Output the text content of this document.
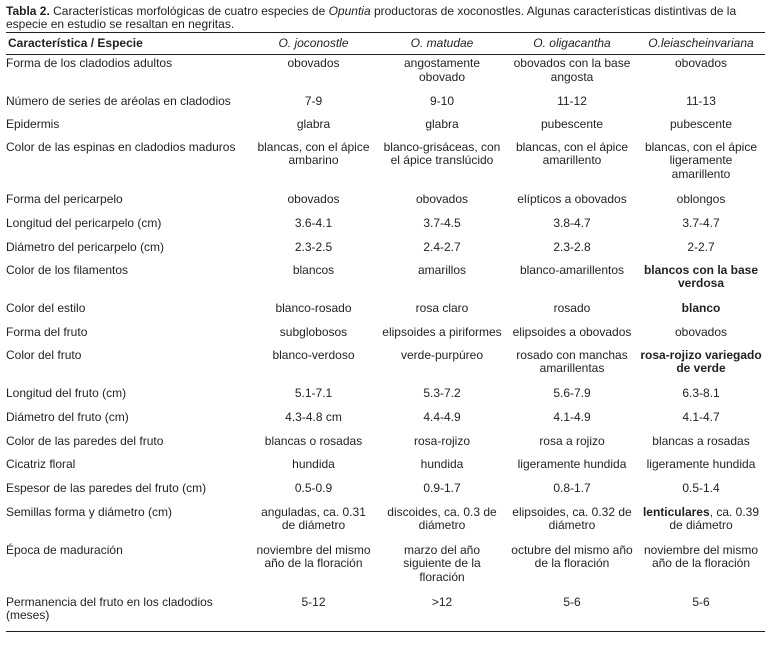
Tabla 2. Características morfológicas de cuatro especies de Opuntia productoras de xoconostles. Algunas características distintivas de la especie en estudio se resaltan en negritas.
Característica / Especie	O. joconostle	O. matudae	O. oligacantha	O.leiascheinvariana
Forma de los cladodios adultos	obovados	angostamente obovado	obovados con la base angosta	obovados
Número de series de aréolas en cladodios	7-9	9-10	11-12	11-13
Epidermis	glabra	glabra	pubescente	pubescente
Color de las espinas en cladodios maduros	blancas, con el ápice ambarino	blanco-grisáceas, con el ápice translúcido	blancas, con el ápice amarillento	blancas, con el ápice ligeramente amarillento
Forma del pericarpelo	obovados	obovados	elípticos a obovados	oblongos
Longitud del pericarpelo (cm)	3.6-4.1	3.7-4.5	3.8-4.7	3.7-4.7
Diámetro del pericarpelo (cm)	2.3-2.5	2.4-2.7	2.3-2.8	2-2.7
Color de los filamentos	blancos	amarillos	blanco-amarillentos	blancos con la base verdosa
Color del estilo	blanco-rosado	rosa claro	rosado	blanco
Forma del fruto	subglobosos	elipsoides a piriformes	elipsoides a obovados	obovados
Color del fruto	blanco-verdoso	verde-purpúreo	rosado con manchas amarillentas	rosa-rojizo variegado de verde
Longitud del fruto (cm)	5.1-7.1	5.3-7.2	5.6-7.9	6.3-8.1
Diámetro del fruto (cm)	4.3-4.8 cm	4.4-4.9	4.1-4.9	4.1-4.7
Color de las paredes del fruto	blancas o rosadas	rosa-rojizo	rosa a rojizo	blancas a rosadas
Cicatriz floral	hundida	hundida	ligeramente hundida	ligeramente hundida
Espesor de las paredes del fruto (cm)	0.5-0.9	0.9-1.7	0.8-1.7	0.5-1.4
Semillas forma y diámetro (cm)	anguladas, ca. 0.31 de diámetro	discoides, ca. 0.3 de diámetro	elipsoides, ca. 0.32 de diámetro	lenticulares, ca. 0.39 de diámetro
Época de maduración	noviembre del mismo año de la floración	marzo del año siguiente de la floración	octubre del mismo año de la floración	noviembre del mismo año de la floración
Permanencia del fruto en los cladodios (meses)	5-12	>12	5-6	5-6
